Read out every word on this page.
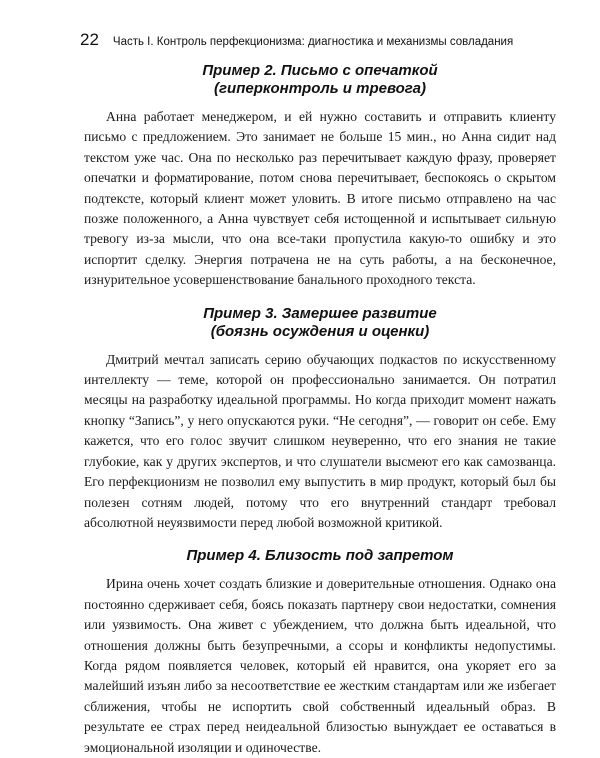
22 Часть I. Контроль перфекционизма: диагностика и механизмы совладания
Пример 2. Письмо с опечаткой
(гиперконтроль и тревога)

Анна работает менеджером, и ей нужно составить и отправить клиенту письмо с предложением. Это занимает не больше 15 мин., но Анна сидит над текстом уже час. Она по несколько раз перечитывает каждую фразу, проверяет опечатки и форматирование, потом снова перечитывает, беспокоясь о скрытом подтексте, который клиент может уловить. В итоге письмо отправлено на час позже положенного, а Анна чувствует себя истощенной и испытывает сильную тревогу из-за мысли, что она все-таки пропустила какую-то ошибку и это испортит сделку. Энергия потрачена не на суть работы, а на бесконечное, изнурительное усовершенствование банального проходного текста.

Пример 3. Замершее развитие
(боязнь осуждения и оценки)

Дмитрий мечтал записать серию обучающих подкастов по искусственному интеллекту — теме, которой он профессионально занимается. Он потратил месяцы на разработку идеальной программы. Но когда приходит момент нажать кнопку “Запись”, у него опускаются руки. “Не сегодня”, — говорит он себе. Ему кажется, что его голос звучит слишком неуверенно, что его знания не такие глубокие, как у других экспертов, и что слушатели высмеют его как самозванца. Его перфекционизм не позволил ему выпустить в мир продукт, который был бы полезен сотням людей, потому что его внутренний стандарт требовал абсолютной неуязвимости перед любой возможной критикой.

Пример 4. Близость под запретом

Ирина очень хочет создать близкие и доверительные отношения. Однако она постоянно сдерживает себя, боясь показать партнеру свои недостатки, сомнения или уязвимость. Она живет с убеждением, что должна быть идеальной, что отношения должны быть безупречными, а ссоры и конфликты недопустимы. Когда рядом появляется человек, который ей нравится, она укоряет его за малейший изъян либо за несоответствие ее жестким стандартам или же избегает сближения, чтобы не испортить свой собственный идеальный образ. В результате ее страх перед неидеальной близостью вынуждает ее оставаться в эмоциональной изоляции и одиночестве.
